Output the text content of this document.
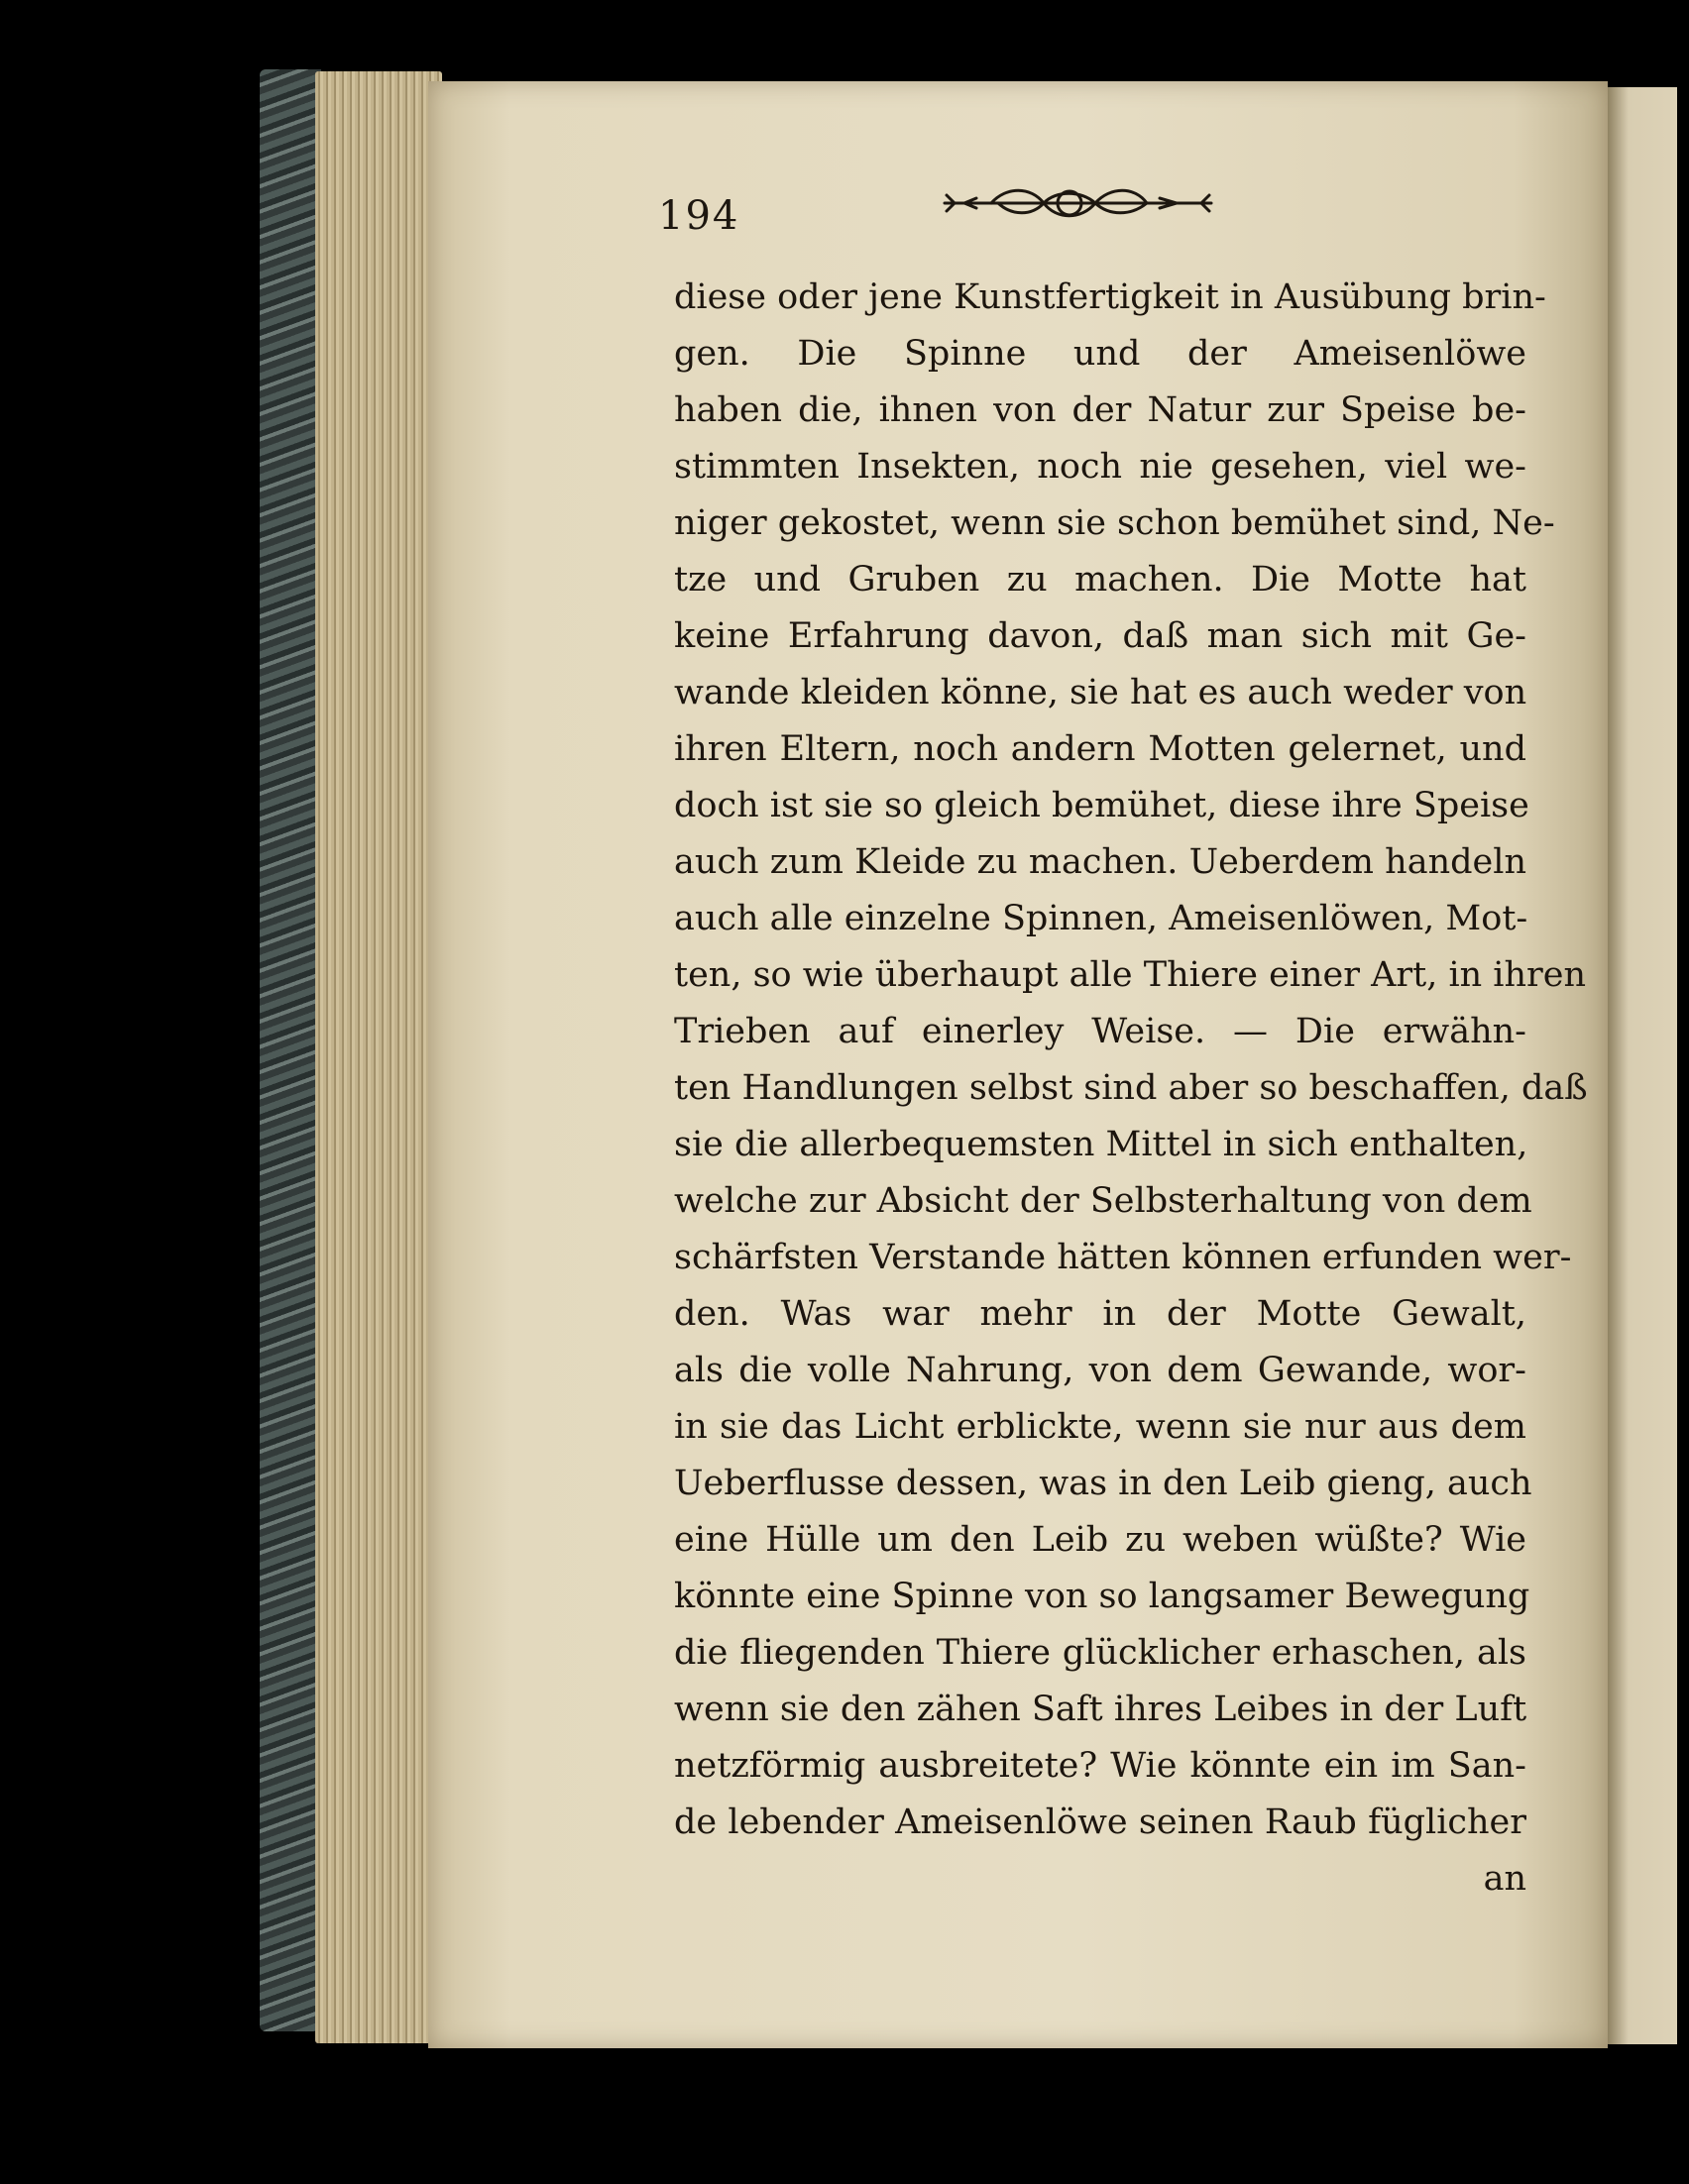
194

diese oder jene Kunstfertigkeit in Ausübung brin-

gen. Die Spinne und der Ameisenlöwe

haben die, ihnen von der Natur zur Speise be-

stimmten Insekten, noch nie gesehen, viel we-

niger gekostet, wenn sie schon bemühet sind, Ne-

tze und Gruben zu machen. Die Motte hat

keine Erfahrung davon, daß man sich mit Ge-

wande kleiden könne, sie hat es auch weder von

ihren Eltern, noch andern Motten gelernet, und

doch ist sie so gleich bemühet, diese ihre Speise

auch zum Kleide zu machen. Ueberdem handeln

auch alle einzelne Spinnen, Ameisenlöwen, Mot-

ten, so wie überhaupt alle Thiere einer Art, in ihren

Trieben auf einerley Weise. — Die erwähn-

ten Handlungen selbst sind aber so beschaffen, daß

sie die allerbequemsten Mittel in sich enthalten,

welche zur Absicht der Selbsterhaltung von dem

schärfsten Verstande hätten können erfunden wer-

den. Was war mehr in der Motte Gewalt,

als die volle Nahrung, von dem Gewande, wor-

in sie das Licht erblickte, wenn sie nur aus dem

Ueberflusse dessen, was in den Leib gieng, auch

eine Hülle um den Leib zu weben wüßte? Wie

könnte eine Spinne von so langsamer Bewegung

die fliegenden Thiere glücklicher erhaschen, als

wenn sie den zähen Saft ihres Leibes in der Luft

netzförmig ausbreitete? Wie könnte ein im San-

de lebender Ameisenlöwe seinen Raub füglicher

an
